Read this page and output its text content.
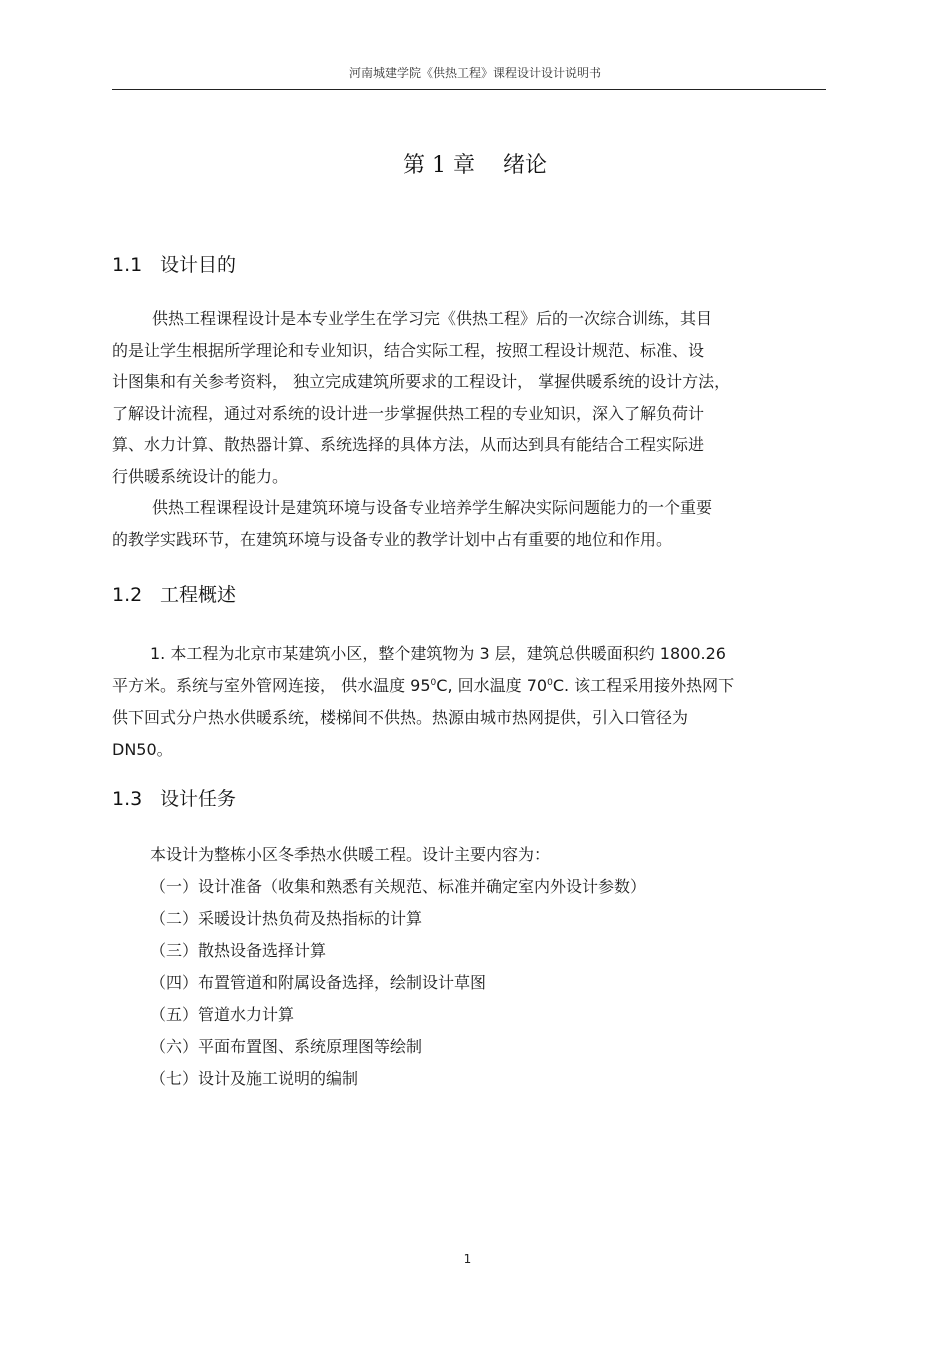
河南城建学院《供热工程》课程设计设计说明书
第 1 章 绪论
1.1 设计目的
供热工程课程设计是本专业学生在学习完《供热工程》后的一次综合训练，其目
的是让学生根据所学理论和专业知识，结合实际工程，按照工程设计规范、标准、设
计图集和有关参考资料， 独立完成建筑所要求的工程设计， 掌握供暖系统的设计方法，
了解设计流程，通过对系统的设计进一步掌握供热工程的专业知识，深入了解负荷计
算、水力计算、散热器计算、系统选择的具体方法，从而达到具有能结合工程实际进
行供暖系统设计的能力。
供热工程课程设计是建筑环境与设备专业培养学生解决实际问题能力的一个重要
的教学实践环节，在建筑环境与设备专业的教学计划中占有重要的地位和作用。
1.2 工程概述
1. 本工程为北京市某建筑小区，整个建筑物为 3 层，建筑总供暖面积约 1800.26
平方米。系统与室外管网连接， 供水温度 $95^0C$, 回水温度 $70^0C$. 该工程采用接外热网下
供下回式分户热水供暖系统，楼梯间不供热。热源由城市热网提供，引入口管径为
DN50。
1.3 设计任务
本设计为整栋小区冬季热水供暖工程。设计主要内容为：
（一）设计准备（收集和熟悉有关规范、标准并确定室内外设计参数）
（二）采暖设计热负荷及热指标的计算
（三）散热设备选择计算
（四）布置管道和附属设备选择，绘制设计草图
（五）管道水力计算
（六）平面布置图、系统原理图等绘制
（七）设计及施工说明的编制
1
